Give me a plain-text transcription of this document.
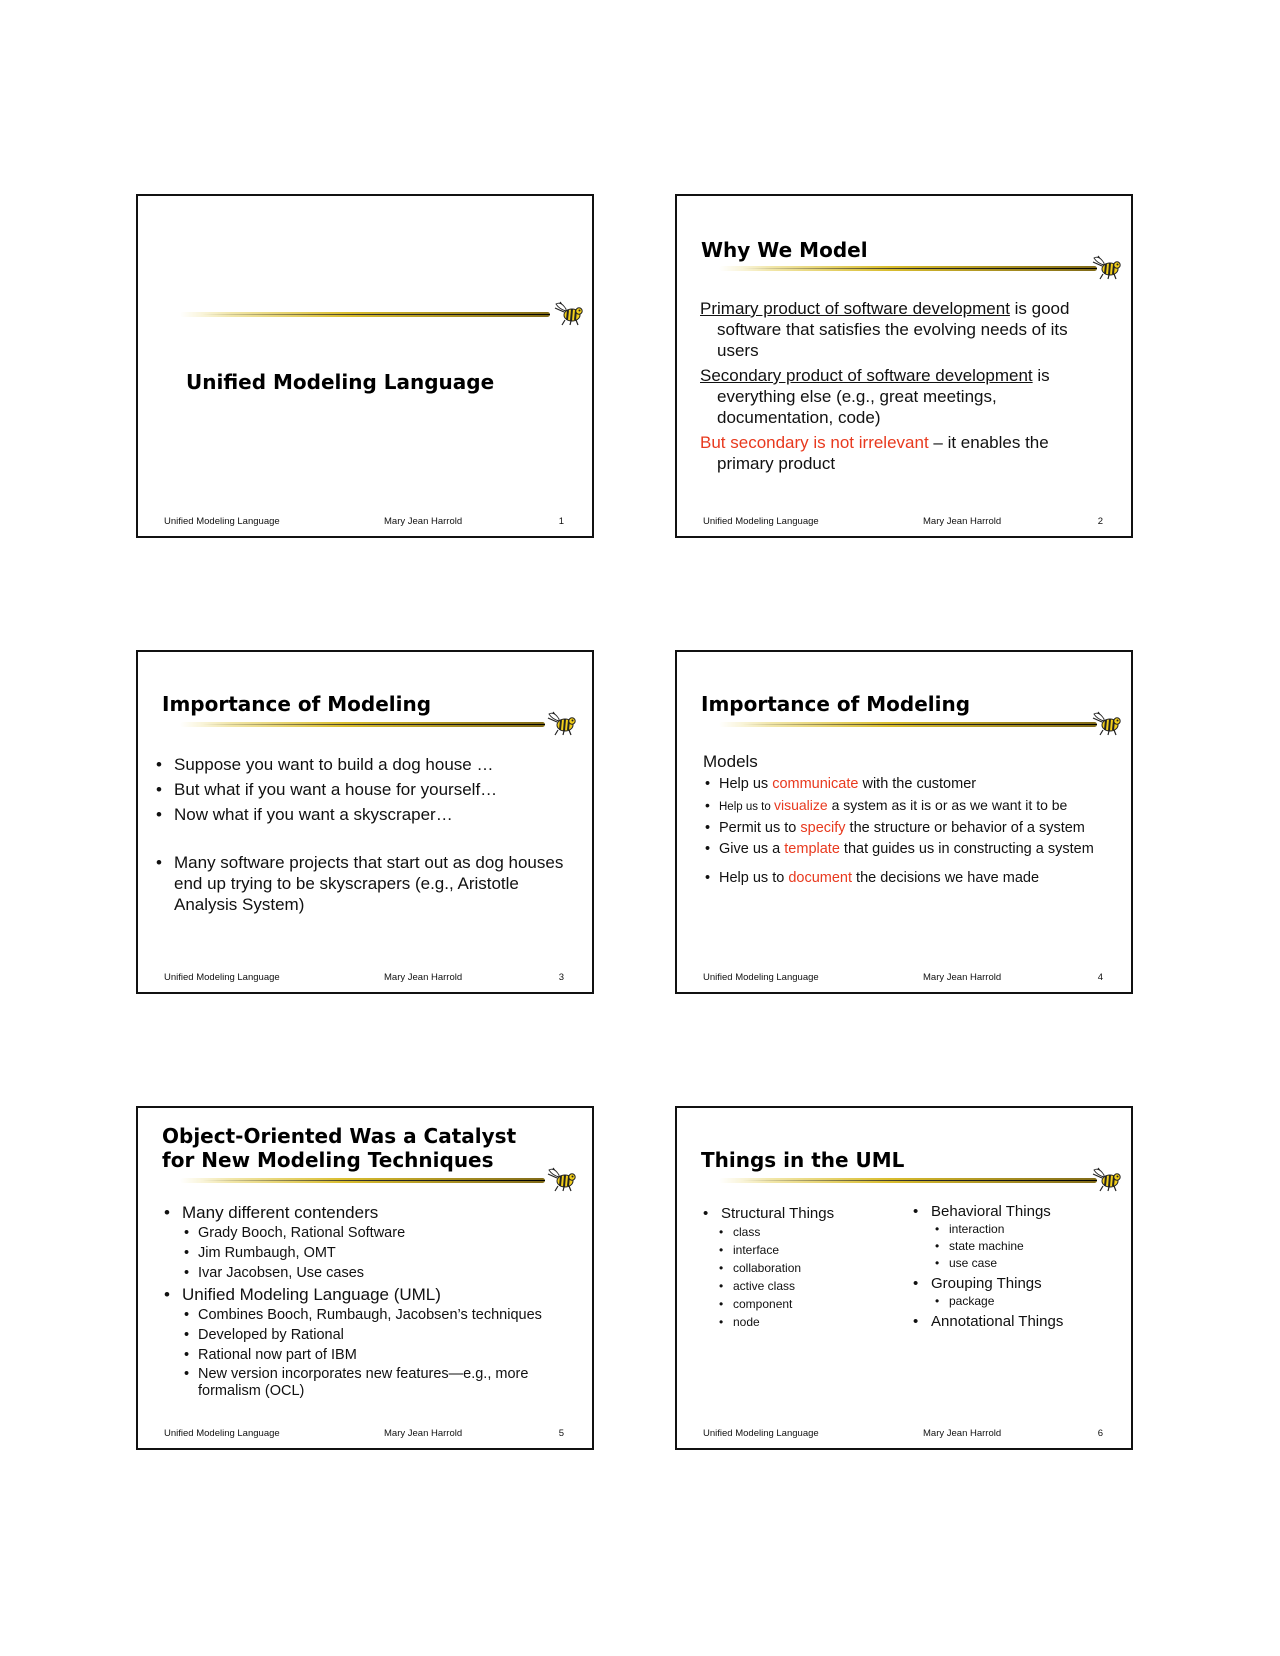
Unified Modeling Language
Unified Modeling Language	Mary Jean Harrold	1
Why We Model

Primary product of software development is good software that satisfies the evolving needs of its users

Secondary product of software development is everything else (e.g., great meetings, documentation, code)

But secondary is not irrelevant – it enables the primary product

Unified Modeling Language	Mary Jean Harrold	2
Importance of Modeling
• Suppose you want to build a dog house …
• But what if you want a house for yourself…
• Now what if you want a skyscraper…
• Many software projects that start out as dog houses end up trying to be skyscrapers (e.g., Aristotle Analysis System)
Unified Modeling Language	Mary Jean Harrold	3
Importance of Modeling
Models
• Help us communicate with the customer
• Help us to visualize a system as it is or as we want it to be
• Permit us to specify the structure or behavior of a system
• Give us a template that guides us in constructing a system
• Help us to document the decisions we have made
Unified Modeling Language	Mary Jean Harrold	4
Object-Oriented Was a Catalyst
for New Modeling Techniques
• Many different contenders
• Grady Booch, Rational Software
• Jim Rumbaugh, OMT
• Ivar Jacobsen, Use cases
• Unified Modeling Language (UML)
• Combines Booch, Rumbaugh, Jacobsen’s techniques
• Developed by Rational
• Rational now part of IBM
• New version incorporates new features—e.g., more formalism (OCL)
Unified Modeling Language	Mary Jean Harrold	5
Things in the UML
• Structural Things
• class
• interface
• collaboration
• active class
• component
• node
• Behavioral Things
• interaction
• state machine
• use case
• Grouping Things
• package
• Annotational Things
Unified Modeling Language	Mary Jean Harrold	6
